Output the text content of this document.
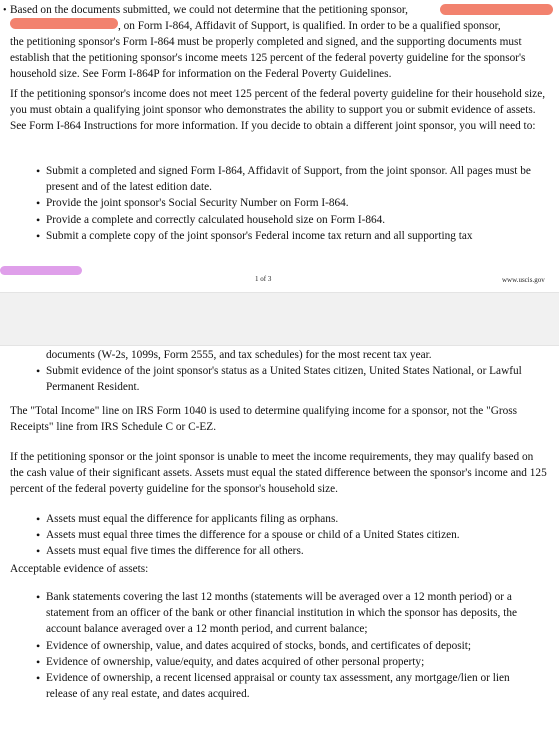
• Based on the documents submitted, we could not determine that the petitioning sponsor,

, on Form I-864, Affidavit of Support, is qualified. In order to be a qualified sponsor,

the petitioning sponsor's Form I-864 must be properly completed and signed, and the supporting documents must establish that the petitioning sponsor's income meets 125 percent of the federal poverty guideline for the sponsor's household size. See Form I-864P for information on the Federal Poverty Guidelines.

If the petitioning sponsor's income does not meet 125 percent of the federal poverty guideline for their household size, you must obtain a qualifying joint sponsor who demonstrates the ability to support you or submit evidence of assets. See Form I-864 Instructions for more information. If you decide to obtain a different joint sponsor, you will need to:

• Submit a completed and signed Form I-864, Affidavit of Support, from the joint sponsor. All pages must be present and of the latest edition date.
• Provide the joint sponsor's Social Security Number on Form I-864.
• Provide a complete and correctly calculated household size on Form I-864.
• Submit a complete copy of the joint sponsor's Federal income tax return and all supporting tax
1 of 3	www.uscis.gov

documents (W-2s, 1099s, Form 2555, and tax schedules) for the most recent tax year.

• Submit evidence of the joint sponsor's status as a United States citizen, United States National, or Lawful Permanent Resident.

The "Total Income" line on IRS Form 1040 is used to determine qualifying income for a sponsor, not the "Gross Receipts" line from IRS Schedule C or C-EZ.

If the petitioning sponsor or the joint sponsor is unable to meet the income requirements, they may qualify based on the cash value of their significant assets. Assets must equal the stated difference between the sponsor's income and 125 percent of the federal poverty guideline for the sponsor's household size.

• Assets must equal the difference for applicants filing as orphans.
• Assets must equal three times the difference for a spouse or child of a United States citizen.
• Assets must equal five times the difference for all others.

Acceptable evidence of assets:

• Bank statements covering the last 12 months (statements will be averaged over a 12 month period) or a statement from an officer of the bank or other financial institution in which the sponsor has deposits, the account balance averaged over a 12 month period, and current balance;
• Evidence of ownership, value, and dates acquired of stocks, bonds, and certificates of deposit;
• Evidence of ownership, value/equity, and dates acquired of other personal property;
• Evidence of ownership, a recent licensed appraisal or county tax assessment, any mortgage/lien or lien release of any real estate, and dates acquired.
